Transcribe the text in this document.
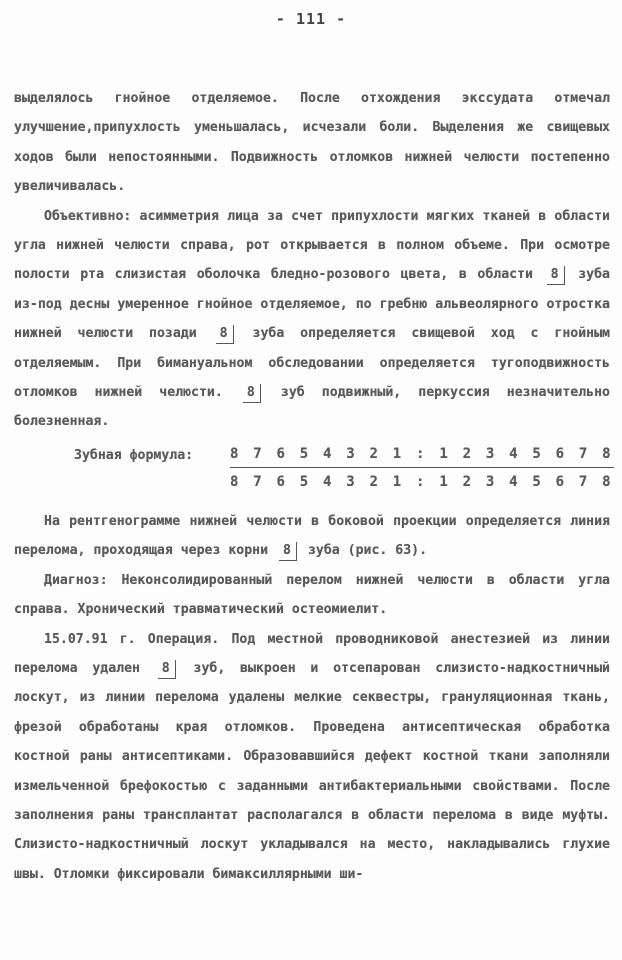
- 111 -

выделялось гнойное отделяемое. После отхождения экссудата отмечал улучшение,припухлость уменьшалась, исчезали боли. Выделения же свищевых ходов были непостоянными. Подвижность отломков нижней челюсти постепенно увеличивалась.

Объективно: асимметрия лица за счет припухлости мягких тканей в области угла нижней челюсти справа, рот открывается в полном объеме. При осмотре полости рта слизистая оболочка бледно-розового цвета, в области 8 зуба из-под десны умеренное гнойное отделяемое, по гребню альвеолярного отростка нижней челюсти позади 8 зуба определяется свищевой ход с гнойным отделяемым. При бимануальном обследовании определяется тугоподвижность отломков нижней челюсти. 8 зуб подвижный, перкуссия незначительно болезненная.

Зубная формула:	8 7 6 5 4 3 2 1 : 1 2 3 4 5 6 7 8
8 7 6 5 4 3 2 1 : 1 2 3 4 5 6 7 8

На рентгенограмме нижней челюсти в боковой проекции определяется линия перелома, проходящая через корни 8 зуба (рис. 63).

Диагноз: Неконсолидированный перелом нижней челюсти в области угла справа. Хронический травматический остеомиелит.

15.07.91 г. Операция. Под местной проводниковой анестезией из линии перелома удален 8 зуб, выкроен и отсепарован слизисто-надкостничный лоскут, из линии перелома удалены мелкие секвестры, грануляционная ткань, фрезой обработаны края отломков. Проведена антисептическая обработка костной раны антисептиками. Образовавшийся дефект костной ткани заполняли измельченной брефокостью с заданными антибактериальными свойствами. После заполнения раны трансплантат располагался в области перелома в виде муфты. Слизисто-надкостничный лоскут укладывался на место, накладывались глухие швы. Отломки фиксировали бимаксиллярными ши-
